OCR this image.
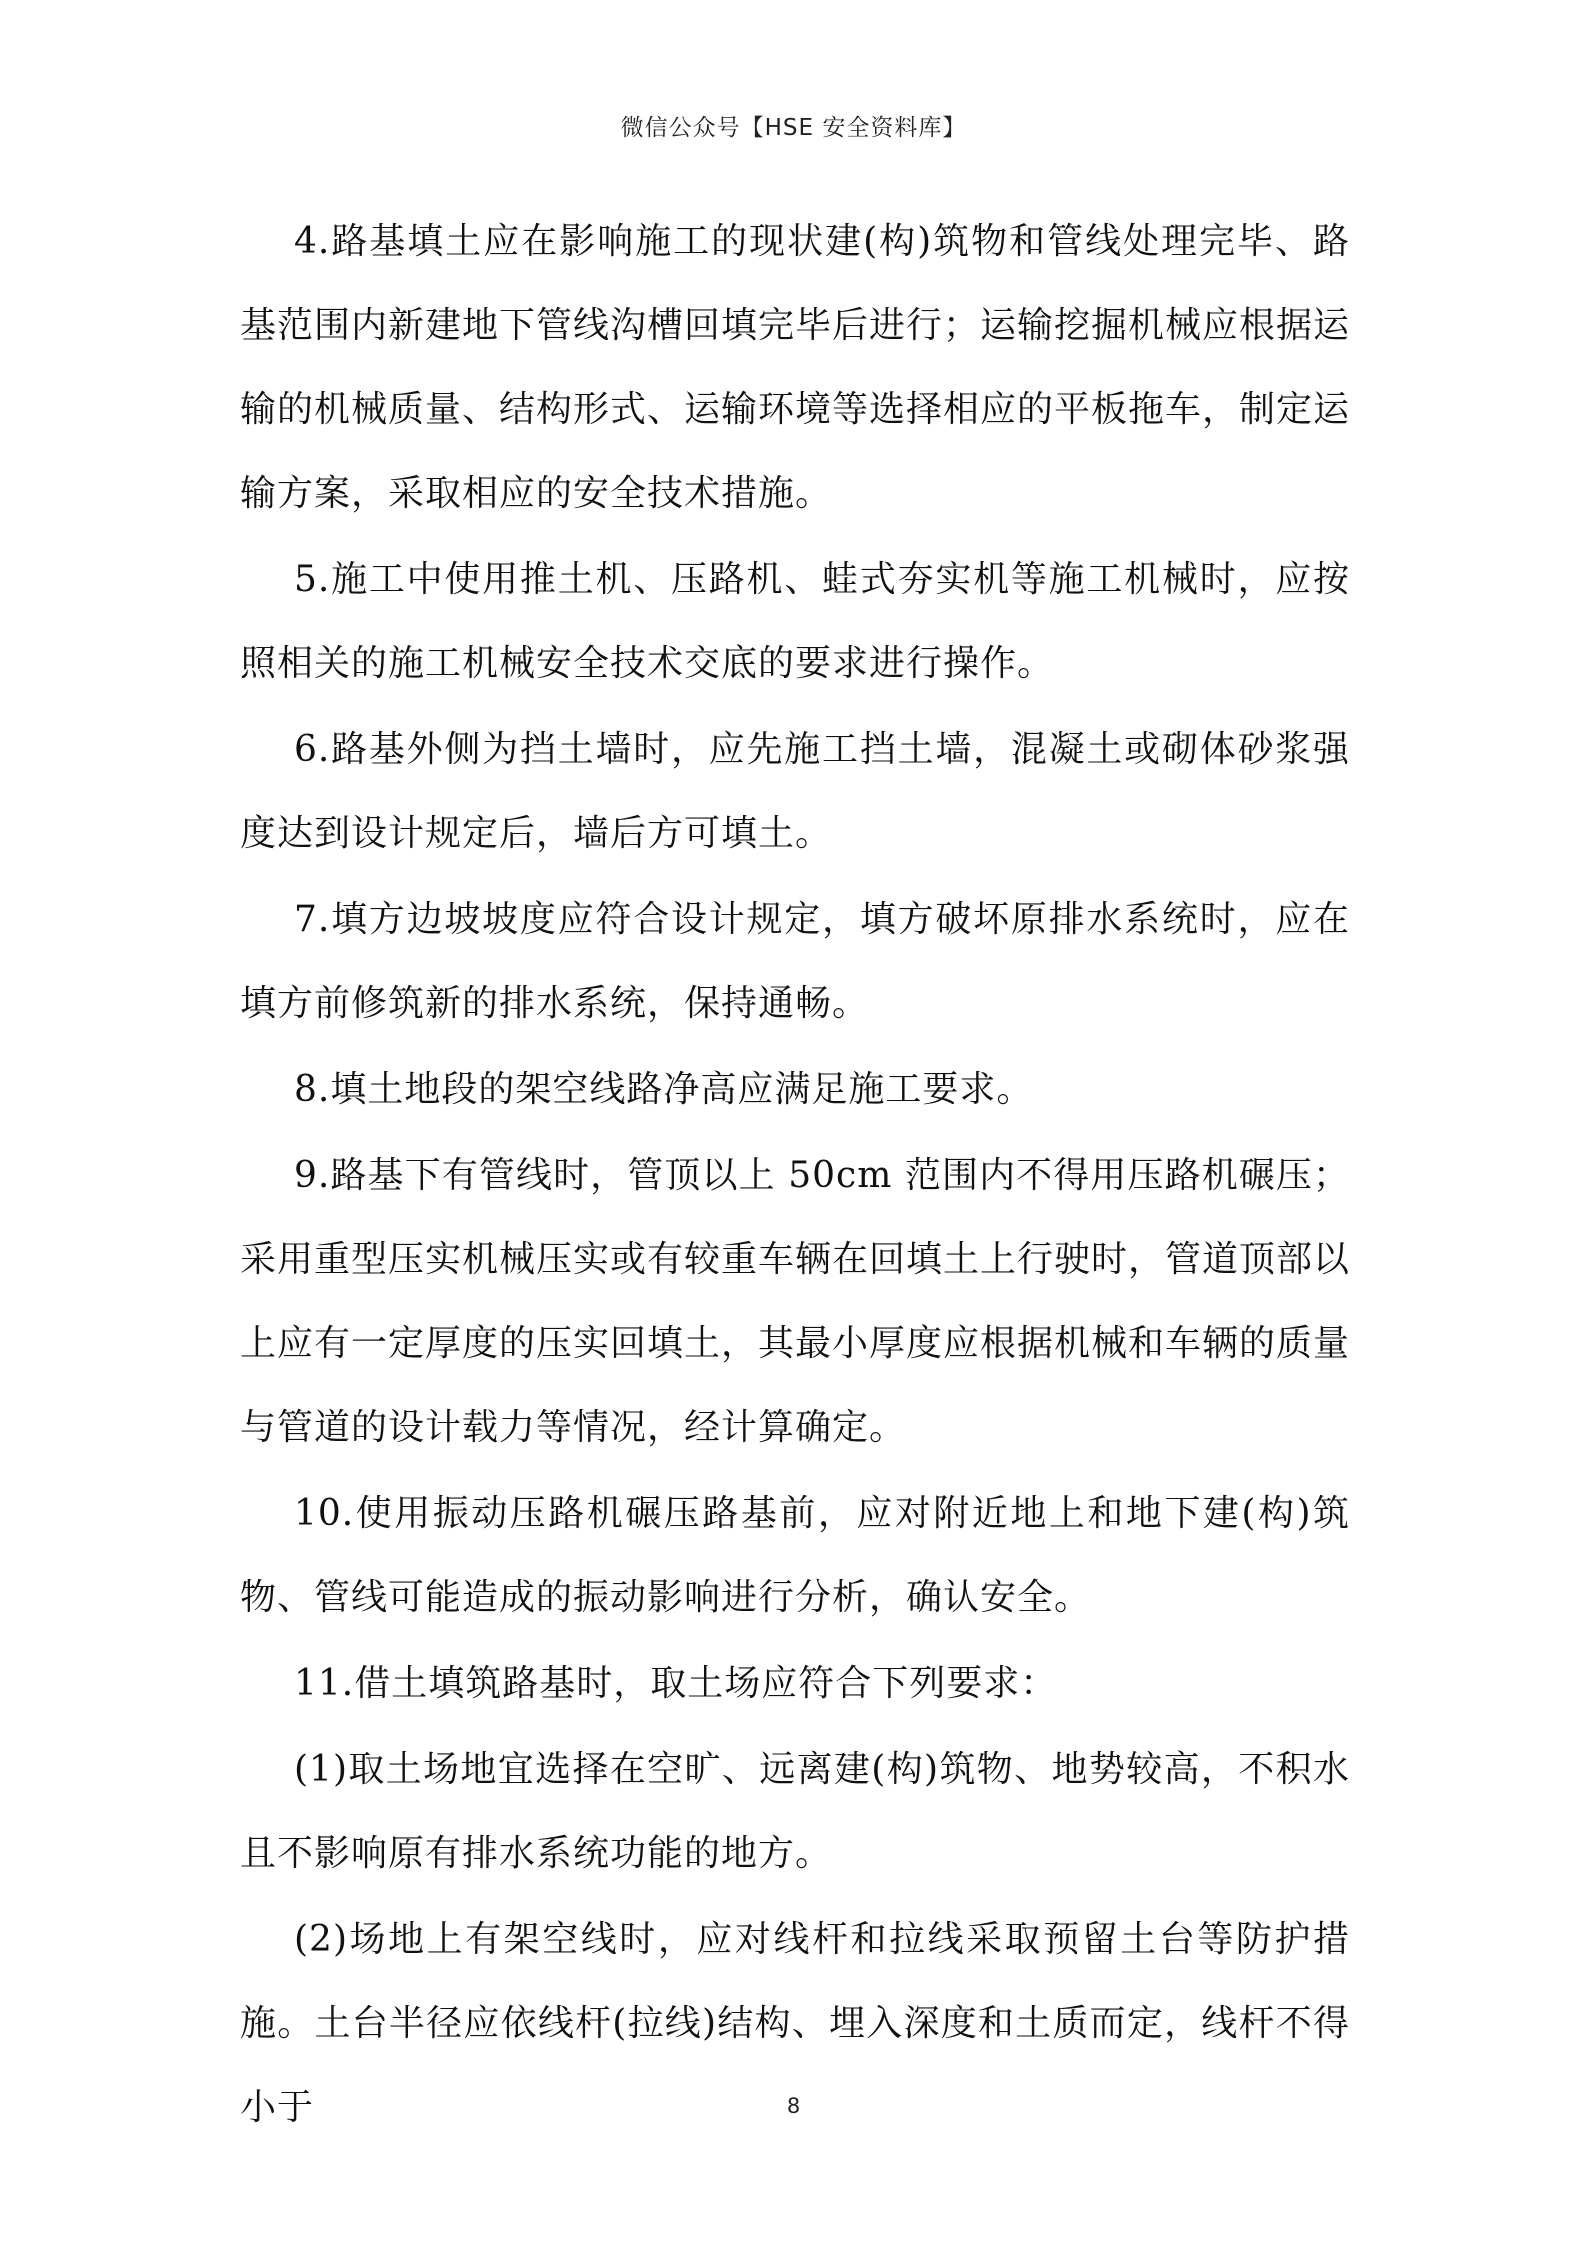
微信公众号【HSE 安全资料库】

4.路基填土应在影响施工的现状建(构)筑物和管线处理完毕、路基范围内新建地下管线沟槽回填完毕后进行；运输挖掘机械应根据运输的机械质量、结构形式、运输环境等选择相应的平板拖车，制定运输方案，采取相应的安全技术措施。

5.施工中使用推土机、压路机、蛙式夯实机等施工机械时，应按照相关的施工机械安全技术交底的要求进行操作。

6.路基外侧为挡土墙时，应先施工挡土墙，混凝土或砌体砂浆强度达到设计规定后，墙后方可填土。

7.填方边坡坡度应符合设计规定，填方破坏原排水系统时，应在填方前修筑新的排水系统，保持通畅。

8.填土地段的架空线路净高应满足施工要求。

9.路基下有管线时，管顶以上 50cm 范围内不得用压路机碾压；采用重型压实机械压实或有较重车辆在回填土上行驶时，管道顶部以上应有一定厚度的压实回填土，其最小厚度应根据机械和车辆的质量与管道的设计载力等情况，经计算确定。

10.使用振动压路机碾压路基前，应对附近地上和地下建(构)筑物、管线可能造成的振动影响进行分析，确认安全。

11.借土填筑路基时，取土场应符合下列要求：

(1)取土场地宜选择在空旷、远离建(构)筑物、地势较高，不积水且不影响原有排水系统功能的地方。

(2)场地上有架空线时，应对线杆和拉线采取预留土台等防护措施。土台半径应依线杆(拉线)结构、埋入深度和土质而定，线杆不得小于	8
